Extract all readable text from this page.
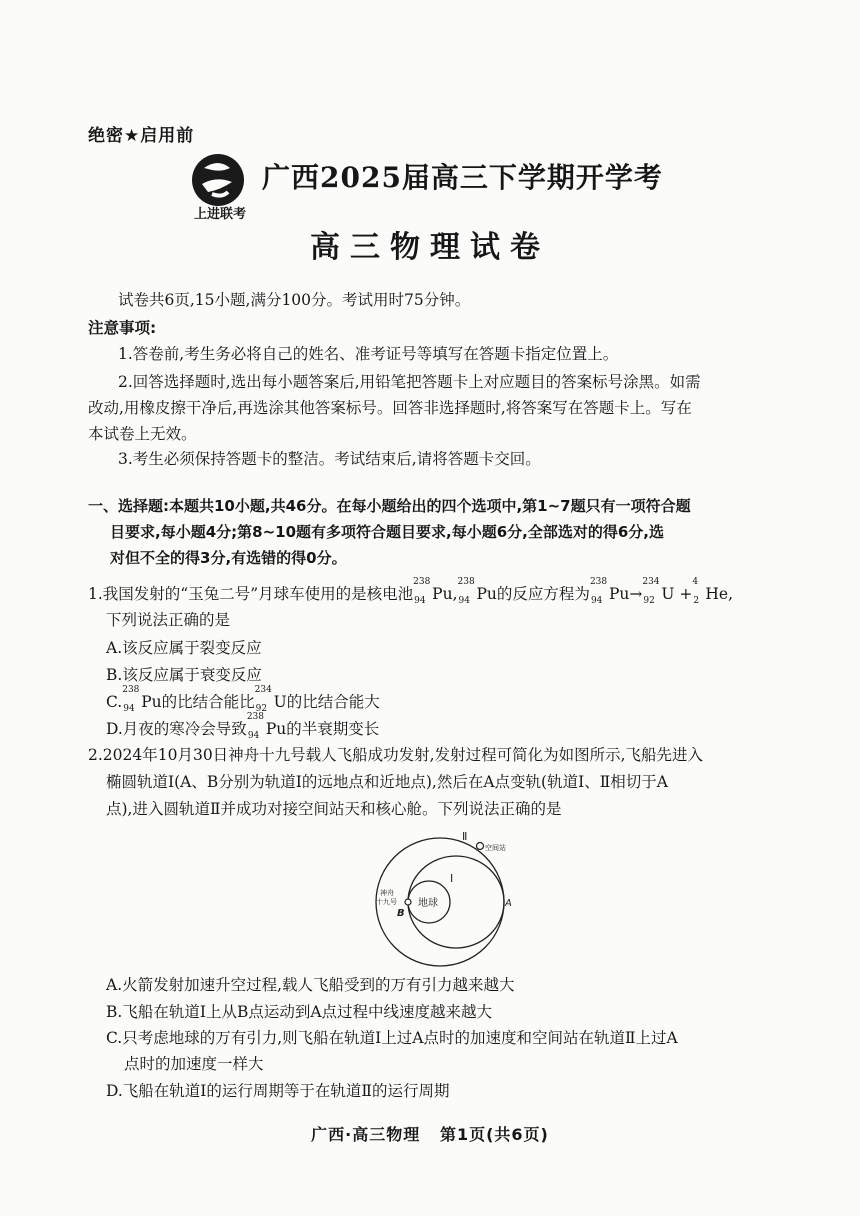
绝密★启用前
上进联考
广西2025届高三下学期开学考
高三物理试卷
试卷共6页,15小题,满分100分。考试用时75分钟。
注意事项:
1.答卷前,考生务必将自己的姓名、准考证号等填写在答题卡指定位置上。
2.回答选择题时,选出每小题答案后,用铅笔把答题卡上对应题目的答案标号涂黑。如需
改动,用橡皮擦干净后,再选涂其他答案标号。回答非选择题时,将答案写在答题卡上。写在
本试卷上无效。
3.考生必须保持答题卡的整洁。考试结束后,请将答题卡交回。
一、选择题:本题共10小题,共46分。在每小题给出的四个选项中,第1~7题只有一项符合题
目要求,每小题4分;第8~10题有多项符合题目要求,每小题6分,全部选对的得6分,选
对但不全的得3分,有选错的得0分。
1.我国发射的“玉兔二号”月球车使用的是核电池
238
94 Pu,
238
94 Pu的反应方程为
238
94 Pu→
234
92 U +
4
2 He,
下列说法正确的是
A.该反应属于裂变反应
B.该反应属于衰变反应
C.
238
94 Pu的比结合能比
234
92 U的比结合能大
D.月夜的寒冷会导致
238
94 Pu的半衰期变长
2.2024年10月30日神舟十九号载人飞船成功发射,发射过程可简化为如图所示,飞船先进入
椭圆轨道Ⅰ(A、B分别为轨道Ⅰ的远地点和近地点),然后在A点变轨(轨道Ⅰ、Ⅱ相切于A
点),进入圆轨道Ⅱ并成功对接空间站天和核心舱。下列说法正确的是
Ⅱ
空间站
Ⅰ
地球
神舟
十九号
B
A
A.火箭发射加速升空过程,载人飞船受到的万有引力越来越大
B.飞船在轨道Ⅰ上从B点运动到A点过程中线速度越来越大
C.只考虑地球的万有引力,则飞船在轨道Ⅰ上过A点时的加速度和空间站在轨道Ⅱ上过A
点时的加速度一样大
D.飞船在轨道Ⅰ的运行周期等于在轨道Ⅱ的运行周期
广西·高三物理   第1页(共6页)
